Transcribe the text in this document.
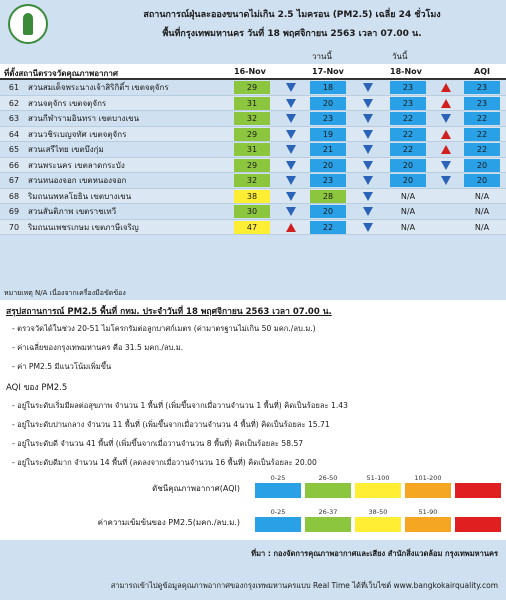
สถานการณ์ฝุ่นละอองขนาดไม่เกิน 2.5 ไมครอน (PM2.5) เฉลี่ย 24 ชั่วโมง
พื้นที่กรุงเทพมหานคร วันที่ 18 พฤศจิกายน 2563 เวลา 07.00 น.
วานนี้	วันนี้
ที่ตั้งสถานีตรวจวัดคุณภาพอากาศ	16-Nov	17-Nov	18-Nov	AQI
61	สวนสมเด็จพระนางเจ้าสิริกิติ์ฯ เขตจตุจักร	29	18	23	23
62	สวนจตุจักร เขตจตุจักร	31	20	23	23
63	สวนกีฬารามอินทรา เขตบางเขน	32	23	22	22
64	สวนวชิรเบญจทัศ เขตจตุจักร	29	19	22	22
65	สวนเสรีไทย เขตบึงกุ่ม	31	21	22	22
66	สวนพระนคร เขตลาดกระบัง	29	20	20	20
67	สวนหนองจอก เขตหนองจอก	32	23	20	20
68	ริมถนนพหลโยธิน เขตบางเขน	38	28	N/A	N/A
69	สวนสันติภาพ เขตราชเทวี	30	20	N/A	N/A
70	ริมถนนเพชรเกษม เขตภาษีเจริญ	47	22	N/A	N/A
หมายเหตุ N/A เนื่องจากเครื่องมือขัดข้อง
สรุปสถานการณ์ PM2.5 พื้นที่ กทม. ประจำวันที่ 18 พฤศจิกายน 2563 เวลา 07.00 น.
- ตรวจวัดได้ในช่วง 20-51 ไมโครกรัมต่อลูกบาศก์เมตร (ค่ามาตรฐานไม่เกิน 50 มคก./ลบ.ม.)
- ค่าเฉลี่ยของกรุงเทพมหานคร คือ 31.5 มคก./ลบ.ม.
- ค่า PM2.5 มีแนวโน้มเพิ่มขึ้น
AQI ของ PM2.5
- อยู่ในระดับเริ่มมีผลต่อสุขภาพ จำนวน 1 พื้นที่ (เพิ่มขึ้นจากเมื่อวานจำนวน 1 พื้นที่) คิดเป็นร้อยละ 1.43
- อยู่ในระดับปานกลาง จำนวน 11 พื้นที่ (เพิ่มขึ้นจากเมื่อวานจำนวน 4 พื้นที่) คิดเป็นร้อยละ 15.71
- อยู่ในระดับดี จำนวน 41 พื้นที่ (เพิ่มขึ้นจากเมื่อวานจำนวน 8 พื้นที่) คิดเป็นร้อยละ 58.57
- อยู่ในระดับดีมาก จำนวน 14 พื้นที่ (ลดลงจากเมื่อวานจำนวน 16 พื้นที่) คิดเป็นร้อยละ 20.00
ดัชนีคุณภาพอากาศ(AQI)
0-25	26-50	51-100	101-200	201 ขึ้นไป
ค่าความเข้มข้นของ PM2.5(มคก./ลบ.ม.)
0-25	26-37	38-50	51-90	91 ขึ้นไป
ที่มา : กองจัดการคุณภาพอากาศและเสียง สำนักสิ่งแวดล้อม กรุงเทพมหานคร
สามารถเข้าไปดูข้อมูลคุณภาพอากาศของกรุงเทพมหานครแบบ Real Time ได้ที่เว็บไซต์ www.bangkokairquality.com
